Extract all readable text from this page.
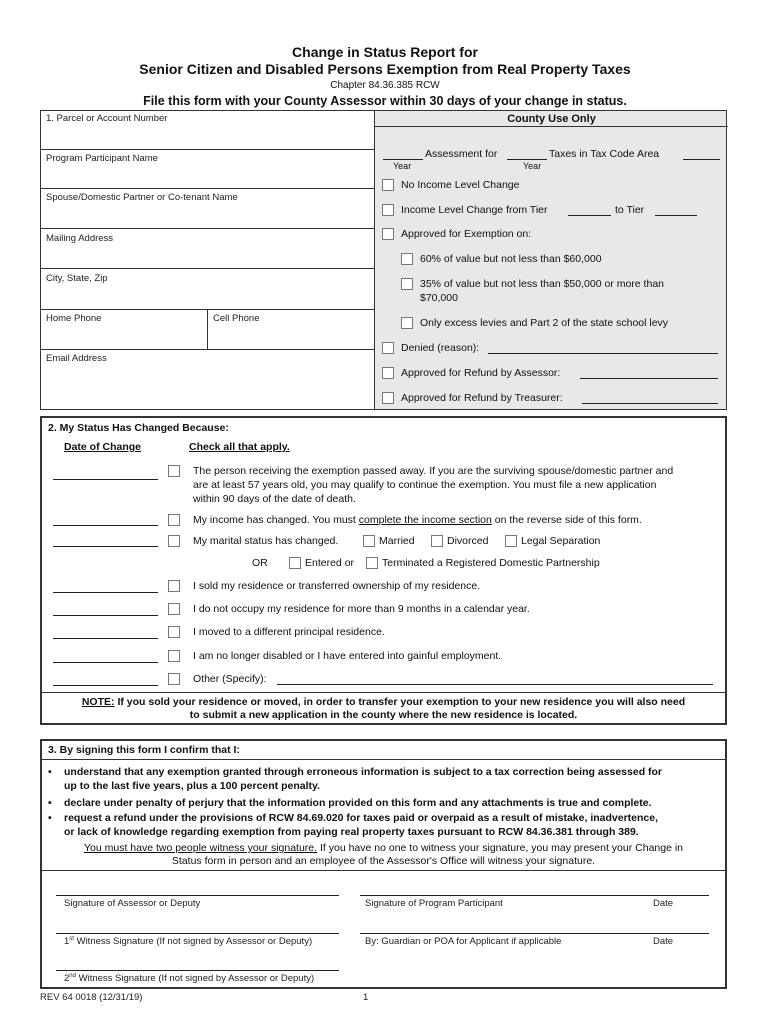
Change in Status Report for
Senior Citizen and Disabled Persons Exemption from Real Property Taxes
Chapter 84.36.385 RCW
File this form with your County Assessor within 30 days of your change in status.
1. Parcel or Account Number
Program Participant Name
Spouse/Domestic Partner or Co-tenant Name
Mailing Address
City, State, Zip
Home Phone	Cell Phone
Email Address
County Use Only
Assessment for	Taxes in Tax Code Area
Year	Year
No Income Level Change
Income Level Change from Tier	to Tier
Approved for Exemption on:
60% of value but not less than $60,000
35% of value but not less than $50,000 or more than
$70,000
Only excess levies and Part 2 of the state school levy
Denied (reason):
Approved for Refund by Assessor:
Approved for Refund by Treasurer:
2. My Status Has Changed Because:
Date of Change	Check all that apply.
The person receiving the exemption passed away. If you are the surviving spouse/domestic partner and
are at least 57 years old, you may qualify to continue the exemption. You must file a new application
within 90 days of the date of death.
My income has changed. You must complete the income section on the reverse side of this form.
My marital status has changed.	Married	Divorced	Legal Separation
OR	Entered or	Terminated a Registered Domestic Partnership
I sold my residence or transferred ownership of my residence.
I do not occupy my residence for more than 9 months in a calendar year.
I moved to a different principal residence.
I am no longer disabled or I have entered into gainful employment.
Other (Specify):
NOTE: If you sold your residence or moved, in order to transfer your exemption to your new residence you will also need
to submit a new application in the county where the new residence is located.
3. By signing this form I confirm that I:
• understand that any exemption granted through erroneous information is subject to a tax correction being assessed for
up to the last five years, plus a 100 percent penalty.
• declare under penalty of perjury that the information provided on this form and any attachments is true and complete.
• request a refund under the provisions of RCW 84.69.020 for taxes paid or overpaid as a result of mistake, inadvertence,
or lack of knowledge regarding exemption from paying real property taxes pursuant to RCW 84.36.381 through 389.
You must have two people witness your signature. If you have no one to witness your signature, you may present your Change in
Status form in person and an employee of the Assessor's Office will witness your signature.
Signature of Assessor or Deputy	Signature of Program Participant	Date
1st Witness Signature (If not signed by Assessor or Deputy)	By: Guardian or POA for Applicant if applicable	Date
2nd Witness Signature (If not signed by Assessor or Deputy)
REV 64 0018 (12/31/19)	1
